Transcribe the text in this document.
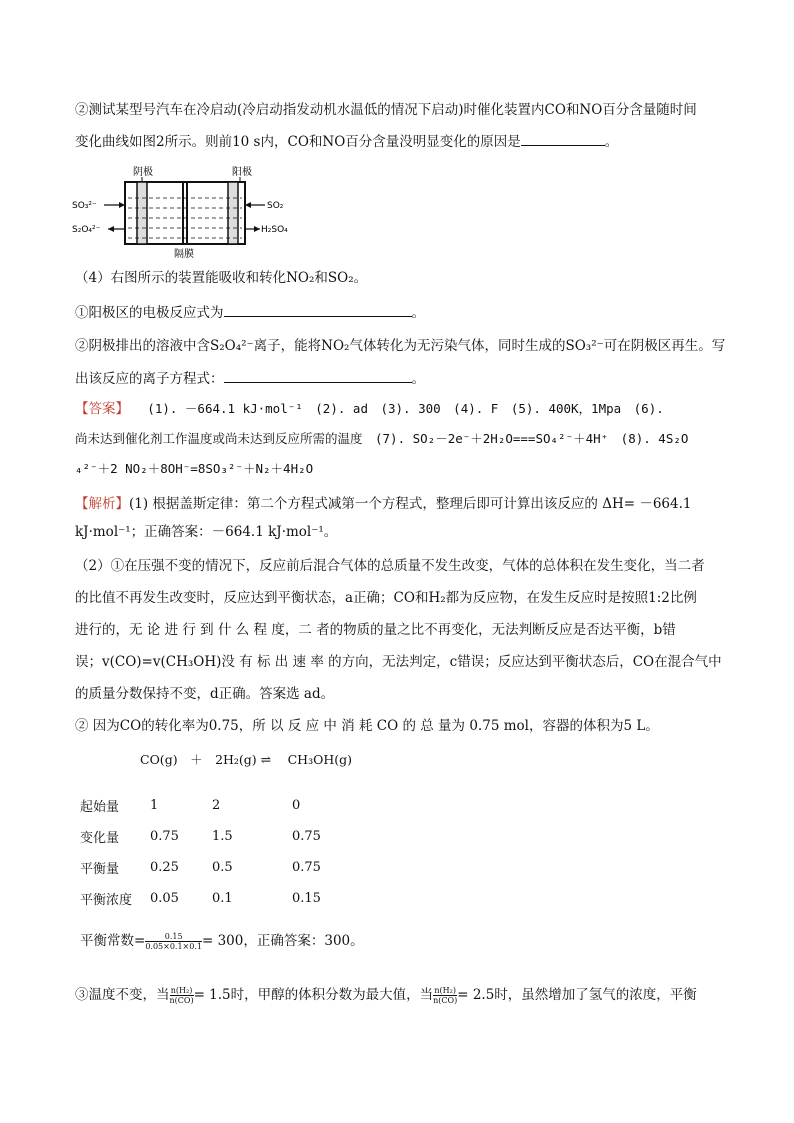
②测试某型号汽车在冷启动(冷启动指发动机水温低的情况下启动)时催化装置内CO和NO百分含量随时间
变化曲线如图2所示。则前10 s内，CO和NO百分含量没明显变化的原因是	。
阴极	阳极
SO₃²⁻
S₂O₄²⁻
SO₂
H₂SO₄
隔膜
（4）右图所示的装置能吸收和转化NO₂和SO₂。
①阳极区的电极反应式为	。
②阴极排出的溶液中含S₂O₄²⁻离子，能将NO₂气体转化为无污染气体，同时生成的SO₃²⁻可在阴极区再生。写
出该反应的离子方程式：	。
【答案】 (1). －664.1 kJ·mol⁻¹　(2). ad　(3). 300　(4). F　(5). 400K，1Mpa　(6).
尚未达到催化剂工作温度或尚未达到反应所需的温度　(7). SO₂－2e⁻＋2H₂O===SO₄²⁻＋4H⁺　(8). 4S₂O
₄²⁻＋2 NO₂＋8OH⁻=8SO₃²⁻＋N₂＋4H₂O
【解析】(1) 根据盖斯定律：第二个方程式减第一个方程式，整理后即可计算出该反应的 ΔH= －664.1
kJ·mol⁻¹；正确答案：－664.1 kJ·mol⁻¹。
（2）①在压强不变的情况下，反应前后混合气体的总质量不发生改变，气体的总体积在发生变化，当二者
的比值不再发生改变时，反应达到平衡状态，a正确；CO和H₂都为反应物，在发生反应时是按照1:2比例
进行的，无 论 进 行 到 什 么 程 度，二 者的物质的量之比不再变化，无法判断反应是否达平衡，b错
误；v(CO)=v(CH₃OH)没 有 标 出 速 率 的方向，无法判定，c错误；反应达到平衡状态后，CO在混合气中
的质量分数保持不变，d正确。答案选 ad。
② 因为CO的转化率为0.75，所 以 反 应 中 消 耗 CO 的 总 量为 0.75 mol，容器的体积为5 L。
CO(g)　＋　2H₂(g) ⇌ 　CH₃OH(g)
起始量	1	2	0
变化量	0.75	1.5	0.75
平衡量	0.25	0.5	0.75
平衡浓度	0.05	0.1	0.15
平衡常数= $\frac{0.15}{0.05\times 0.1\times 0.1} = 300$，正确答案：300。
③温度不变，当 $\frac{\text{n(H₂)}}{n(CO)} = 1.5$时，甲醇的体积分数为最大值，当 $\frac{\text{n(H₂)}}{n(CO)} = 2.5$时，虽然增加了氢气的浓度，平衡
